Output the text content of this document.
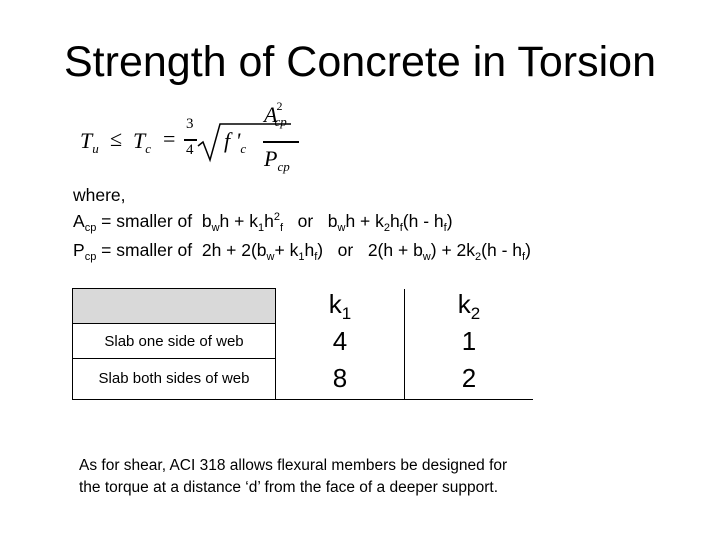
Strength of Concrete in Torsion
$T_u \le T_c$ =
3
4 f '$_c$
$A^2cp$
$P_{cp}$
where,
$A_{cp}$ = smaller of  $b_wh + k_1h^2_f$   or   $b_wh + k_2h_f(h - h_f)$
$P_{cp}$ = smaller of  $2h + 2(b_w+ k_1h_f)$   or   $2(h + b_w) + 2k_2(h - h_f)$
	$k_1$	$k_2$
Slab one side of web	4	1
Slab both sides of web	8	2
As for shear, ACI 318 allows flexural members be designed for
the torque at a distance ‘d’ from the face of a deeper support.
